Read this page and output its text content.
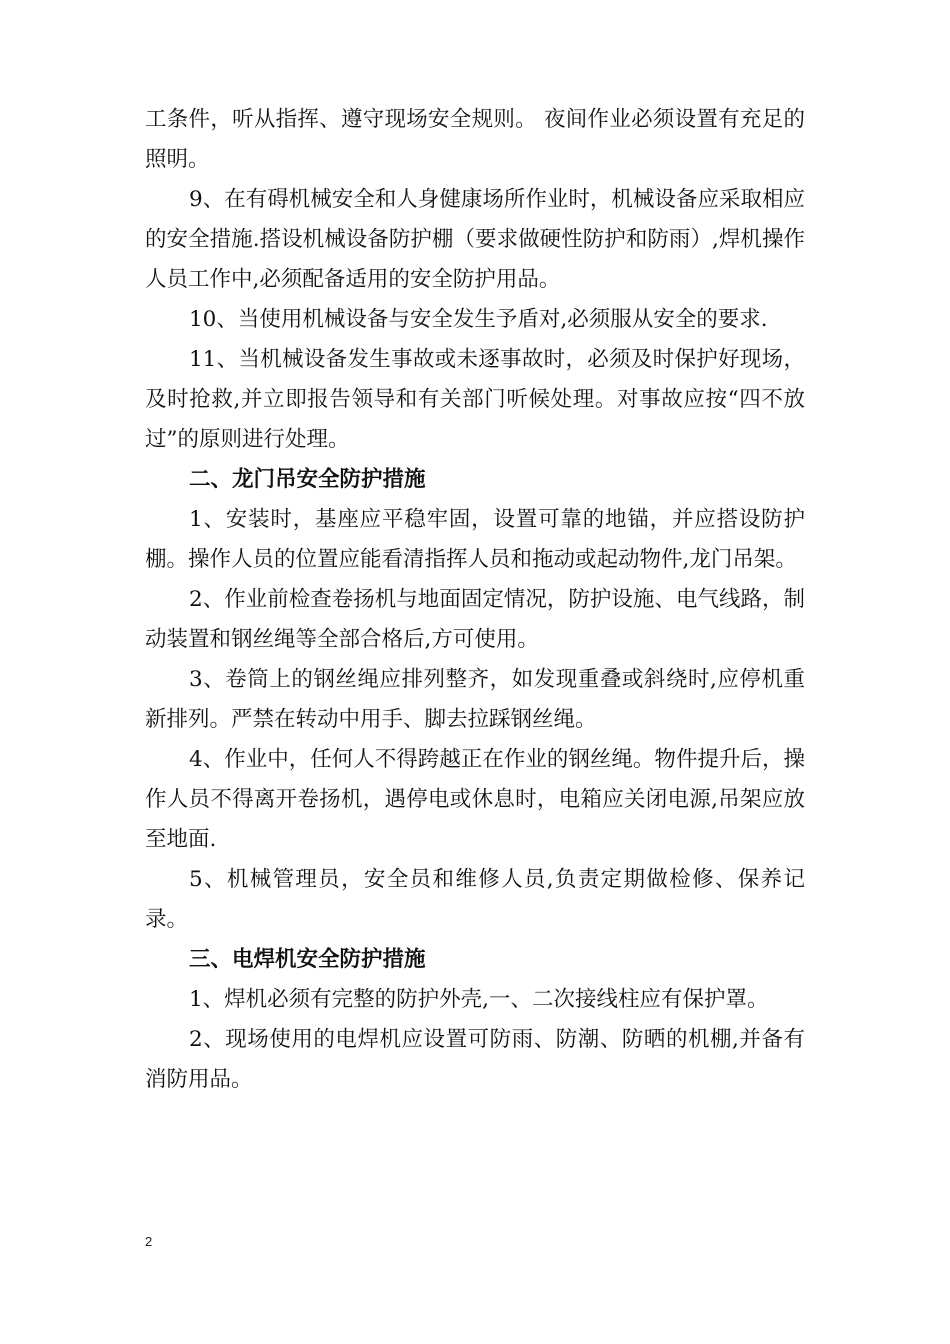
工条件，听从指挥、遵守现场安全规则。 夜间作业必须设置有充足的照明。

9、在有碍机械安全和人身健康场所作业时，机械设备应采取相应的安全措施.搭设机械设备防护棚（要求做硬性防护和防雨）,焊机操作人员工作中,必须配备适用的安全防护用品。

10、当使用机械设备与安全发生予盾对,必须服从安全的要求.

11、当机械设备发生事故或未逐事故时，必须及时保护好现场，及时抢救,并立即报告领导和有关部门听候处理。对事故应按“四不放过”的原则进行处理。

二、龙门吊安全防护措施

1、安装时，基座应平稳牢固，设置可靠的地锚，并应搭设防护棚。操作人员的位置应能看清指挥人员和拖动或起动物件,龙门吊架。

2、作业前检查卷扬机与地面固定情况，防护设施、电气线路，制动装置和钢丝绳等全部合格后,方可使用。

3、卷筒上的钢丝绳应排列整齐，如发现重叠或斜绕时,应停机重新排列。严禁在转动中用手、脚去拉踩钢丝绳。

4、作业中，任何人不得跨越正在作业的钢丝绳。物件提升后，操作人员不得离开卷扬机，遇停电或休息时，电箱应关闭电源,吊架应放至地面.

5、机械管理员，安全员和维修人员,负责定期做检修、保养记录。

三、电焊机安全防护措施

1、焊机必须有完整的防护外壳,一、二次接线柱应有保护罩。

2、现场使用的电焊机应设置可防雨、防潮、防晒的机棚,并备有消防用品。

2
